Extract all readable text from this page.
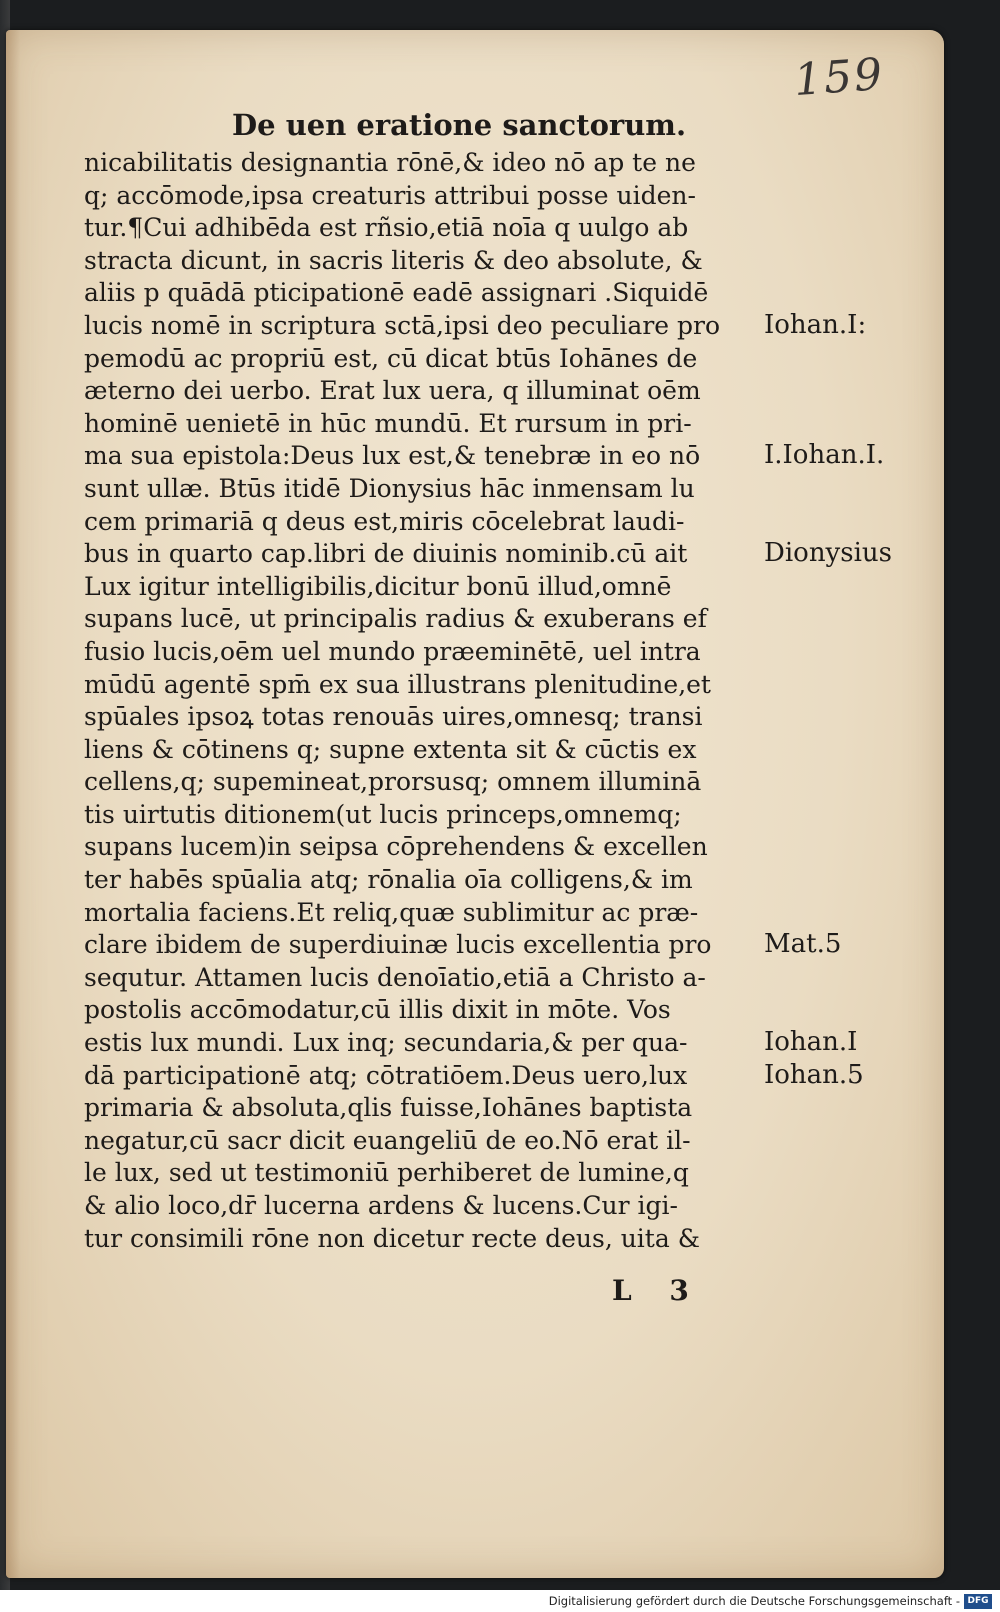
159
De uen eratione sanctorum.
nicabilitatis designantia rōnē,& ideo nō ap te ne
q; accōmode,ipsa creaturis attribui posse uiden-
tur.¶Cui adhibēda est rñsio,etiā noīa q uulgo ab
stracta dicunt, in sacris literis & deo absolute, &
aliis p quādā pticipationē eadē assignari .Siquidē
lucis nomē in scriptura sctā,ipsi deo peculiare pro
pemodū ac propriū est, cū dicat btūs Iohānes de
æterno dei uerbo. Erat lux uera, q illuminat oēm
hominē uenietē in hūc mundū. Et rursum in pri-
ma sua epistola:Deus lux est,& tenebræ in eo nō
sunt ullæ. Btūs itidē Dionysius hāc inmensam lu
cem primariā q deus est,miris cōcelebrat laudi-
bus in quarto cap.libri de diuinis nominib.cū ait
Lux igitur intelligibilis,dicitur bonū illud,omnē
supans lucē, ut principalis radius & exuberans ef
fusio lucis,oēm uel mundo præeminētē, uel intra
mūdū agentē spm̄ ex sua illustrans plenitudine,et
spūales ipsoꝝ totas renouās uires,omnesq; transi
liens & cōtinens q; supne extenta sit & cūctis ex
cellens,q; supemineat,prorsusq; omnem illuminā
tis uirtutis ditionem(ut lucis princeps,omnemq;
supans lucem)in seipsa cōprehendens & excellen
ter habēs spūalia atq; rōnalia oīa colligens,& im
mortalia faciens.Et reliq,quæ sublimitur ac præ-
clare ibidem de superdiuinæ lucis excellentia pro
sequtur. Attamen lucis denoīatio,etiā a Christo a-
postolis accōmodatur,cū illis dixit in mōte. Vos
estis lux mundi. Lux inq; secundaria,& per qua-
dā participationē atq; cōtratiōem.Deus uero,lux
primaria & absoluta,qlis fuisse,Iohānes baptista
negatur,cū sacr dicit euangeliū de eo.Nō erat il-
le lux, sed ut testimoniū perhiberet de lumine,q
& alio loco,dr̄ lucerna ardens & lucens.Cur igi-
tur consimili rōne non dicetur recte deus, uita &
Iohan.I:
I.Iohan.I.
Dionysius
Mat.5
Iohan.I
Iohan.5
L 3
Digitalisierung gefördert durch die Deutsche Forschungsgemeinschaft - DFG
